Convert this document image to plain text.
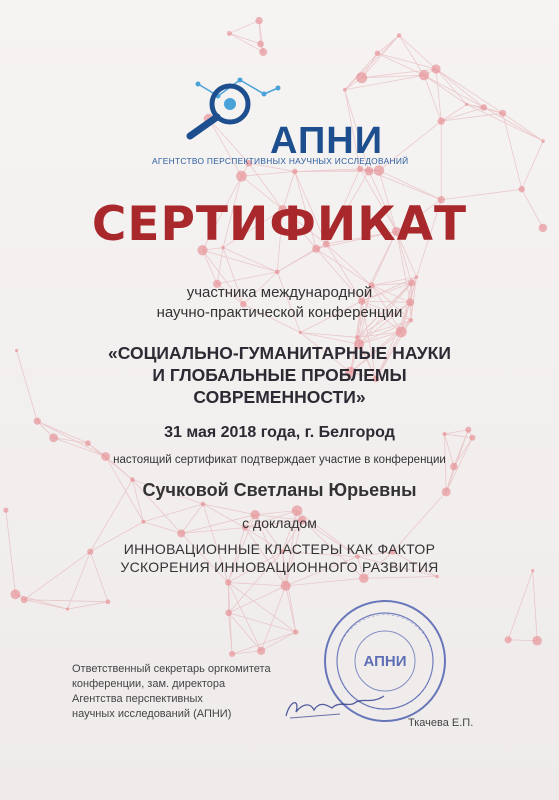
АПНИ
АГЕНТСТВО ПЕРСПЕКТИВНЫХ НАУЧНЫХ ИССЛЕДОВАНИЙ
СЕРТИФИКАТ
участника международной
научно-практической конференции
«СОЦИАЛЬНО-ГУМАНИТАРНЫЕ НАУКИ
И ГЛОБАЛЬНЫЕ ПРОБЛЕМЫ
СОВРЕМЕННОСТИ»
31 мая 2018 года, г. Белгород
настоящий сертификат подтверждает участие в конференции
Сучковой Светланы Юрьевны
с докладом
ИННОВАЦИОННЫЕ КЛАСТЕРЫ КАК ФАКТОР
УСКОРЕНИЯ ИННОВАЦИОННОГО РАЗВИТИЯ
АПНИ
Ответственный секретарь оргкомитета
конференции, зам. директора
Агентства перспективных
научных исследований (АПНИ)
Ткачева Е.П.
